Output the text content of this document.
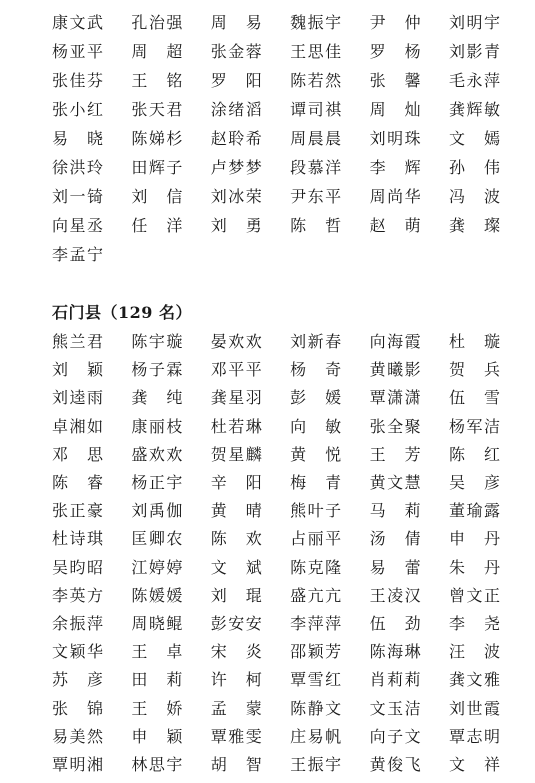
康文武	孔治强	周　易	魏振宇	尹　仲	刘明宇
杨亚平	周　超	张金蓉	王思佳	罗　杨	刘影青
张佳芬	王　铭	罗　阳	陈若然	张　馨	毛永萍
张小红	张天君	涂绪滔	谭司祺	周　灿	龚辉敏
易　晓	陈娣杉	赵聆希	周晨晨	刘明珠	文　嫣
徐洪玲	田辉子	卢梦梦	段慕洋	李　辉	孙　伟
刘一锜	刘　信	刘冰荣	尹东平	周尚华	冯　波
向星丞	任　洋	刘　勇	陈　哲	赵　萌	龚　璨
李孟宁
石门县（129 名）
熊兰君	陈宇璇	晏欢欢	刘新春	向海霞	杜　璇
刘　颖	杨子霖	邓平平	杨　奇	黄曦影	贺　兵
刘逵雨	龚　纯	龚星羽	彭　媛	覃潇潇	伍　雪
卓湘如	康丽枝	杜若琳	向　敏	张全聚	杨军洁
邓　思	盛欢欢	贺星麟	黄　悦	王　芳	陈　红
陈　睿	杨正宇	辛　阳	梅　青	黄文慧	吴　彦
张正豪	刘禹伽	黄　晴	熊叶子	马　莉	董瑜露
杜诗琪	匡卿农	陈　欢	占丽平	汤　倩	申　丹
吴昀昭	江婷婷	文　斌	陈克隆	易　蕾	朱　丹
李英方	陈媛媛	刘　琨	盛亢亢	王凌汉	曾文正
余振萍	周晓鲲	彭安安	李萍萍	伍　劲	李　尧
文颖华	王　卓	宋　炎	邵颖芳	陈海琳	汪　波
苏　彦	田　莉	许　柯	覃雪红	肖莉莉	龚文雅
张　锦	王　娇	孟　蒙	陈静文	文玉洁	刘世霞
易美然	申　颖	覃雅雯	庄易帆	向子文	覃志明
覃明湘	林思宇	胡　智	王振宇	黄俊飞	文　祥
